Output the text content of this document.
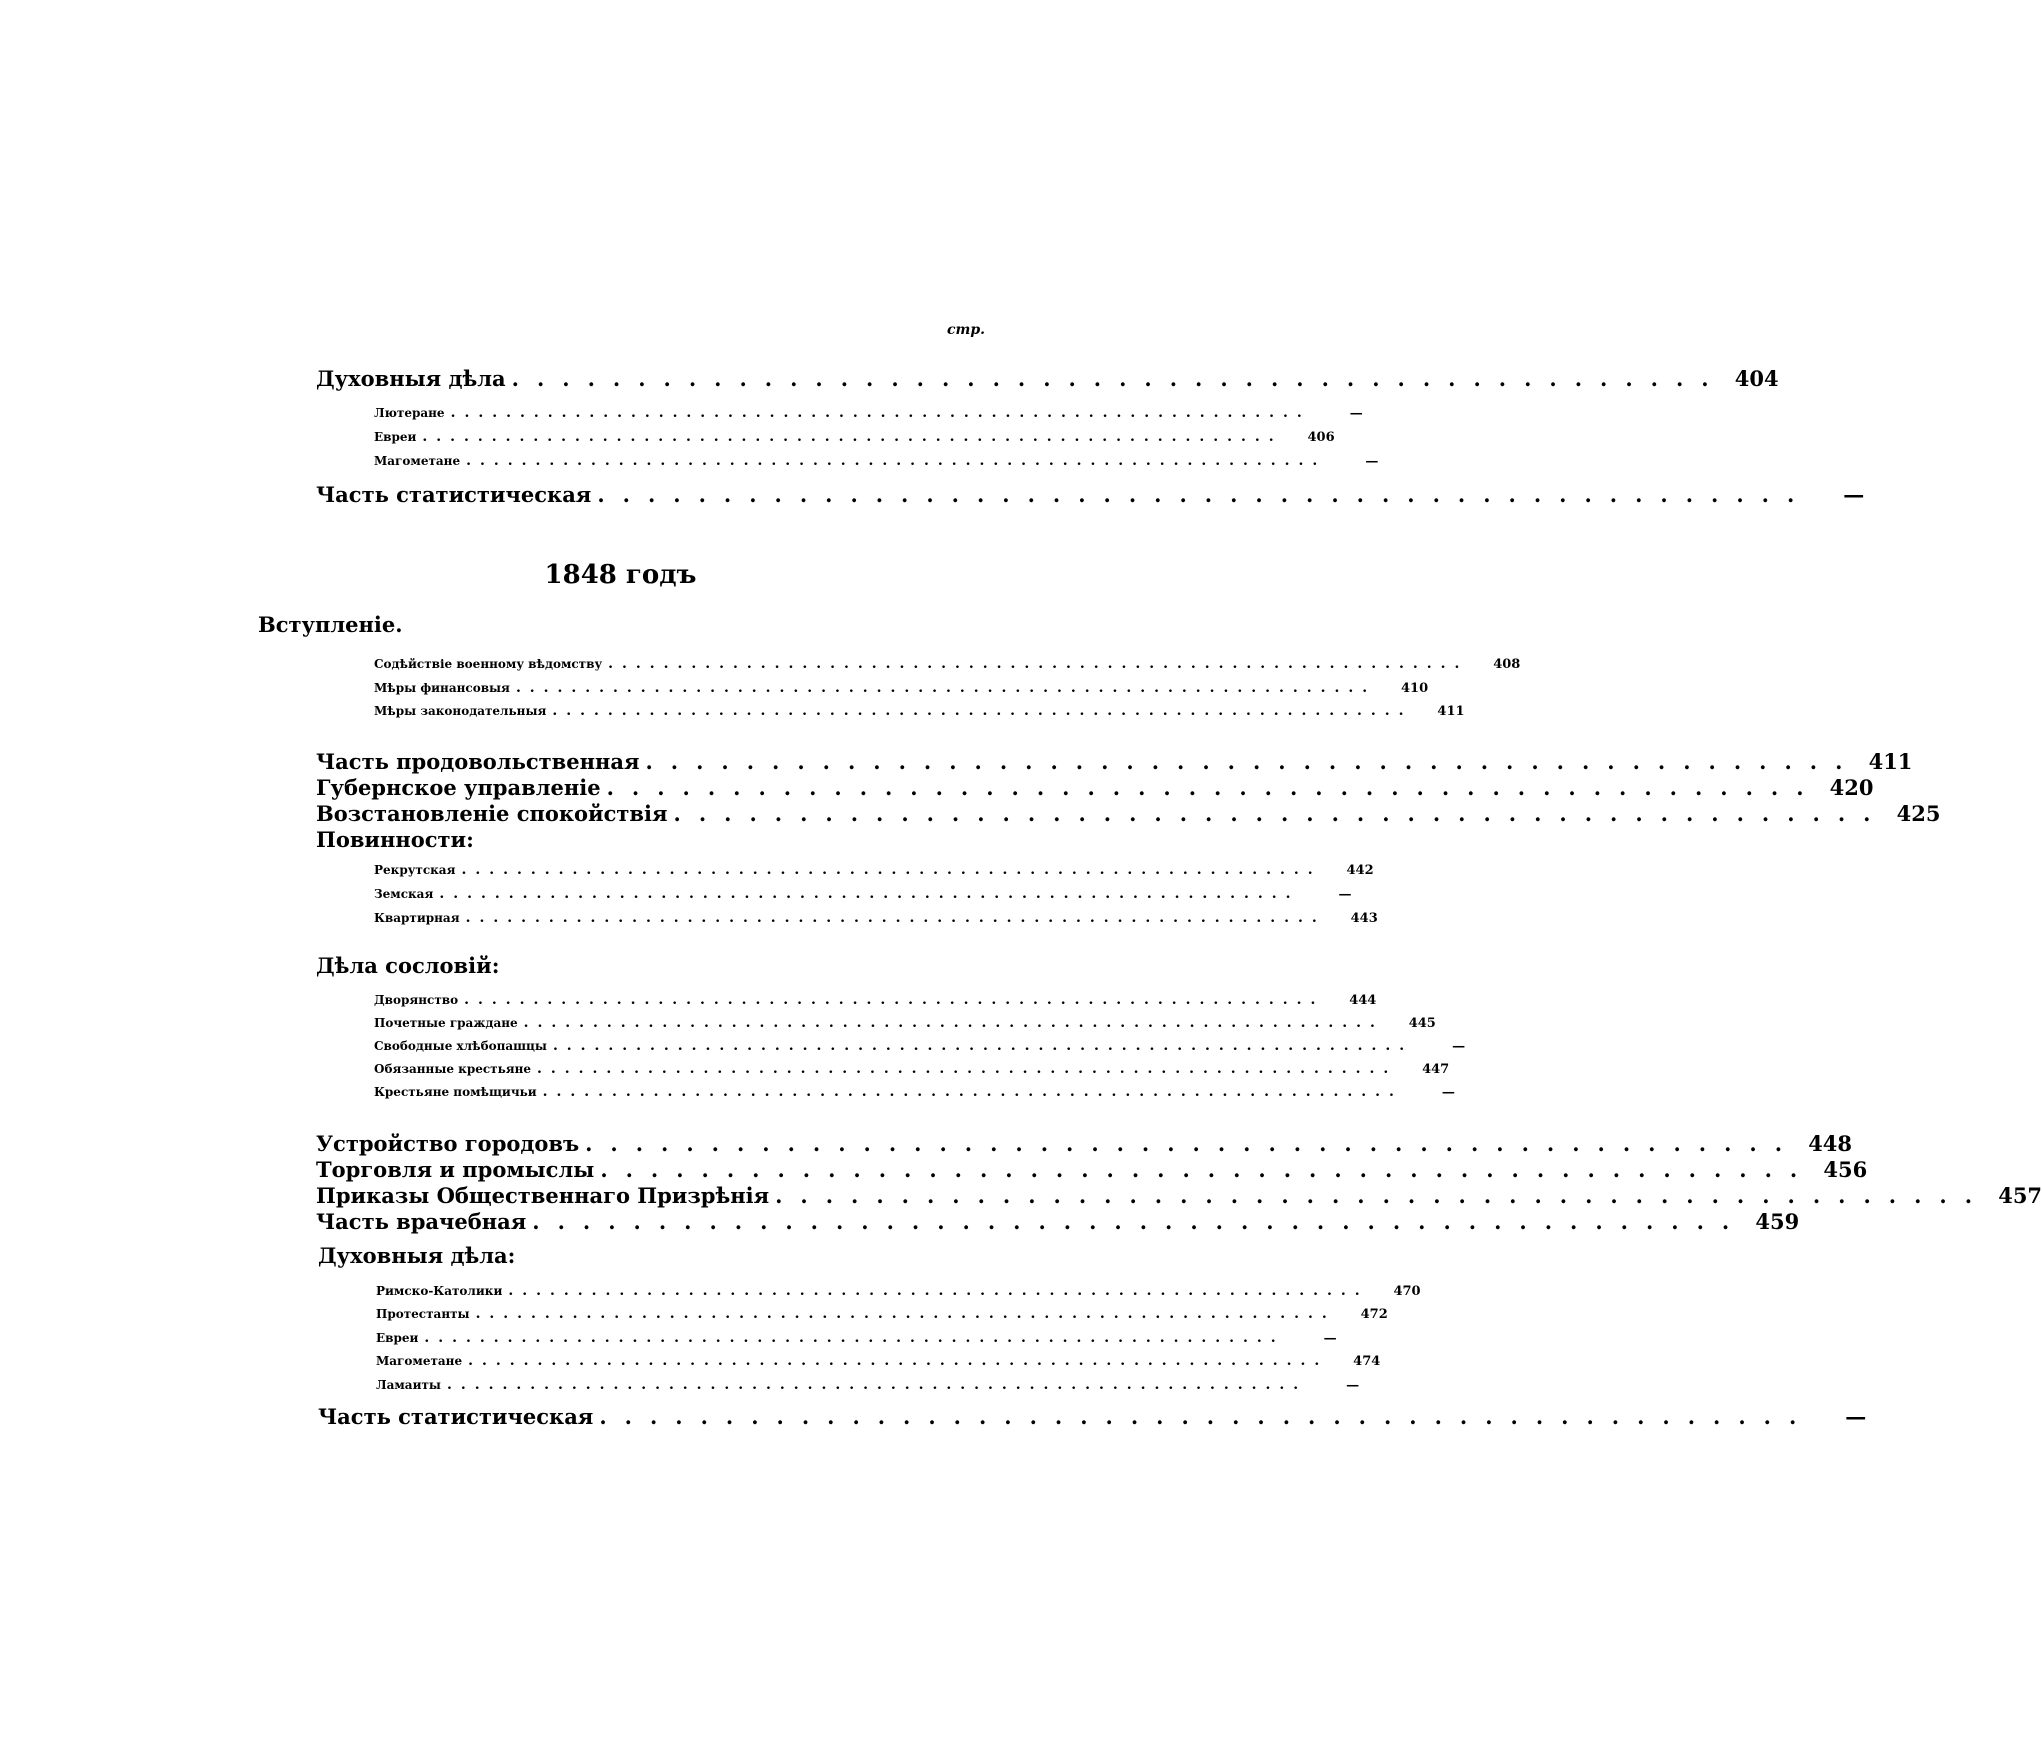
стр.
Духовныя дѣла ................................................ 404
Лютеране ..............................................................	—
Евреи ..............................................................	406
Магометане ..............................................................	—
Часть статистическая ................................................	—
1848 годъ
Вступленіе.
Содѣйствіе военному вѣдомству ..............................................................	408
Мѣры финансовыя ..............................................................	410
Мѣры законодательныя ..............................................................	411
Часть продовольственная ................................................ 411
Губернское управленіе ................................................ 420
Возстановленіе спокойствія ................................................ 425
Повинности:
Рекрутская ..............................................................	442
Земская ..............................................................	—
Квартирная ..............................................................	443
Дѣла сословій:
Дворянство ..............................................................	444
Почетные граждане ..............................................................	445
Свободные хлѣбопашцы ..............................................................	—
Обязанные крестьяне ..............................................................	447
Крестьяне помѣщичьи ..............................................................	—
Устройство городовъ ................................................ 448
Торговля и промыслы ................................................ 456
Приказы Общественнаго Призрѣнія ................................................ 457
Часть врачебная ................................................ 459
Духовныя дѣла:
Римско-Католики ..............................................................	470
Протестанты ..............................................................	472
Евреи ..............................................................	—
Магометане ..............................................................	474
Ламаиты ..............................................................	—
Часть статистическая ................................................	—
